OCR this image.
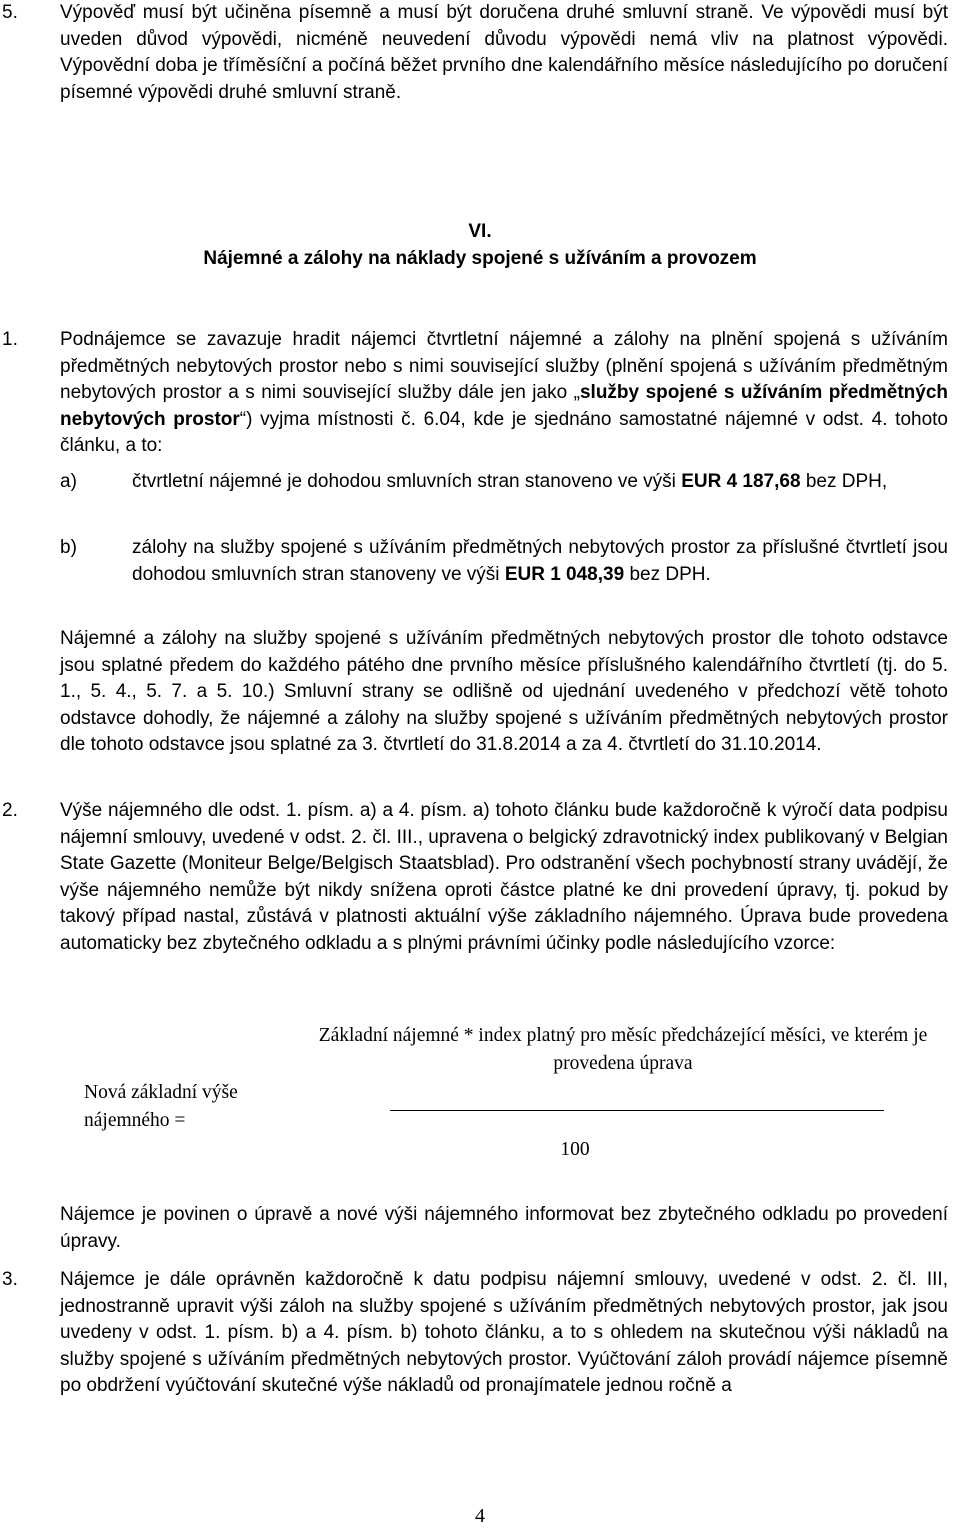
5. Výpověď musí být učiněna písemně a musí být doručena druhé smluvní straně. Ve výpovědi musí být uveden důvod výpovědi, nicméně neuvedení důvodu výpovědi nemá vliv na platnost výpovědi. Výpovědní doba je tříměsíční a počíná běžet prvního dne kalendářního měsíce následujícího po doručení písemné výpovědi druhé smluvní straně.

VI.
Nájemné a zálohy na náklady spojené s užíváním a provozem
1. Podnájemce se zavazuje hradit nájemci čtvrtletní nájemné a zálohy na plnění spojená s užíváním předmětných nebytových prostor nebo s nimi související služby (plnění spojená s užíváním předmětným nebytových prostor a s nimi související služby dále jen jako „služby spojené s užíváním předmětných nebytových prostor“) vyjma místnosti č. 6.04, kde je sjednáno samostatné nájemné v odst. 4. tohoto článku, a to:

a)	čtvrtletní nájemné je dohodou smluvních stran stanoveno ve výši EUR 4 187,68 bez DPH,

b)	zálohy na služby spojené s užíváním předmětných nebytových prostor za příslušné čtvrtletí jsou dohodou smluvních stran stanoveny ve výši EUR 1 048,39 bez DPH.

Nájemné a zálohy na služby spojené s užíváním předmětných nebytových prostor dle tohoto odstavce jsou splatné předem do každého pátého dne prvního měsíce příslušného kalendářního čtvrtletí (tj. do 5. 1., 5. 4., 5. 7. a 5. 10.) Smluvní strany se odlišně od ujednání uvedeného v předchozí větě tohoto odstavce dohodly, že nájemné a zálohy na služby spojené s užíváním předmětných nebytových prostor dle tohoto odstavce jsou splatné za 3. čtvrtletí do 31.8.2014 a za 4. čtvrtletí do 31.10.2014.

2. Výše nájemného dle odst. 1. písm. a) a 4. písm. a) tohoto článku bude každoročně k výročí data podpisu nájemní smlouvy, uvedené v odst. 2. čl. III., upravena o belgický zdravotnický index publikovaný v Belgian State Gazette (Moniteur Belge/Belgisch Staatsblad). Pro odstranění všech pochybností strany uvádějí, že výše nájemného nemůže být nikdy snížena oproti částce platné ke dni provedení úpravy, tj. pokud by takový případ nastal, zůstává v platnosti aktuální výše základního nájemného. Úprava bude provedena automaticky bez zbytečného odkladu a s plnými právními účinky podle následujícího vzorce:

Základní nájemné * index platný pro měsíc předcházející měsíci, ve kterém je provedena úprava
Nová základní výše nájemného =
100

Nájemce je povinen o úpravě a nové výši nájemného informovat bez zbytečného odkladu po provedení úpravy.

3. Nájemce je dále oprávněn každoročně k datu podpisu nájemní smlouvy, uvedené v odst. 2. čl. III, jednostranně upravit výši záloh na služby spojené s užíváním předmětných nebytových prostor, jak jsou uvedeny v odst. 1. písm. b) a 4. písm. b) tohoto článku, a to s ohledem na skutečnou výši nákladů na služby spojené s užíváním předmětných nebytových prostor. Vyúčtování záloh provádí nájemce písemně po obdržení vyúčtování skutečné výše nákladů od pronajímatele jednou ročně a

4
